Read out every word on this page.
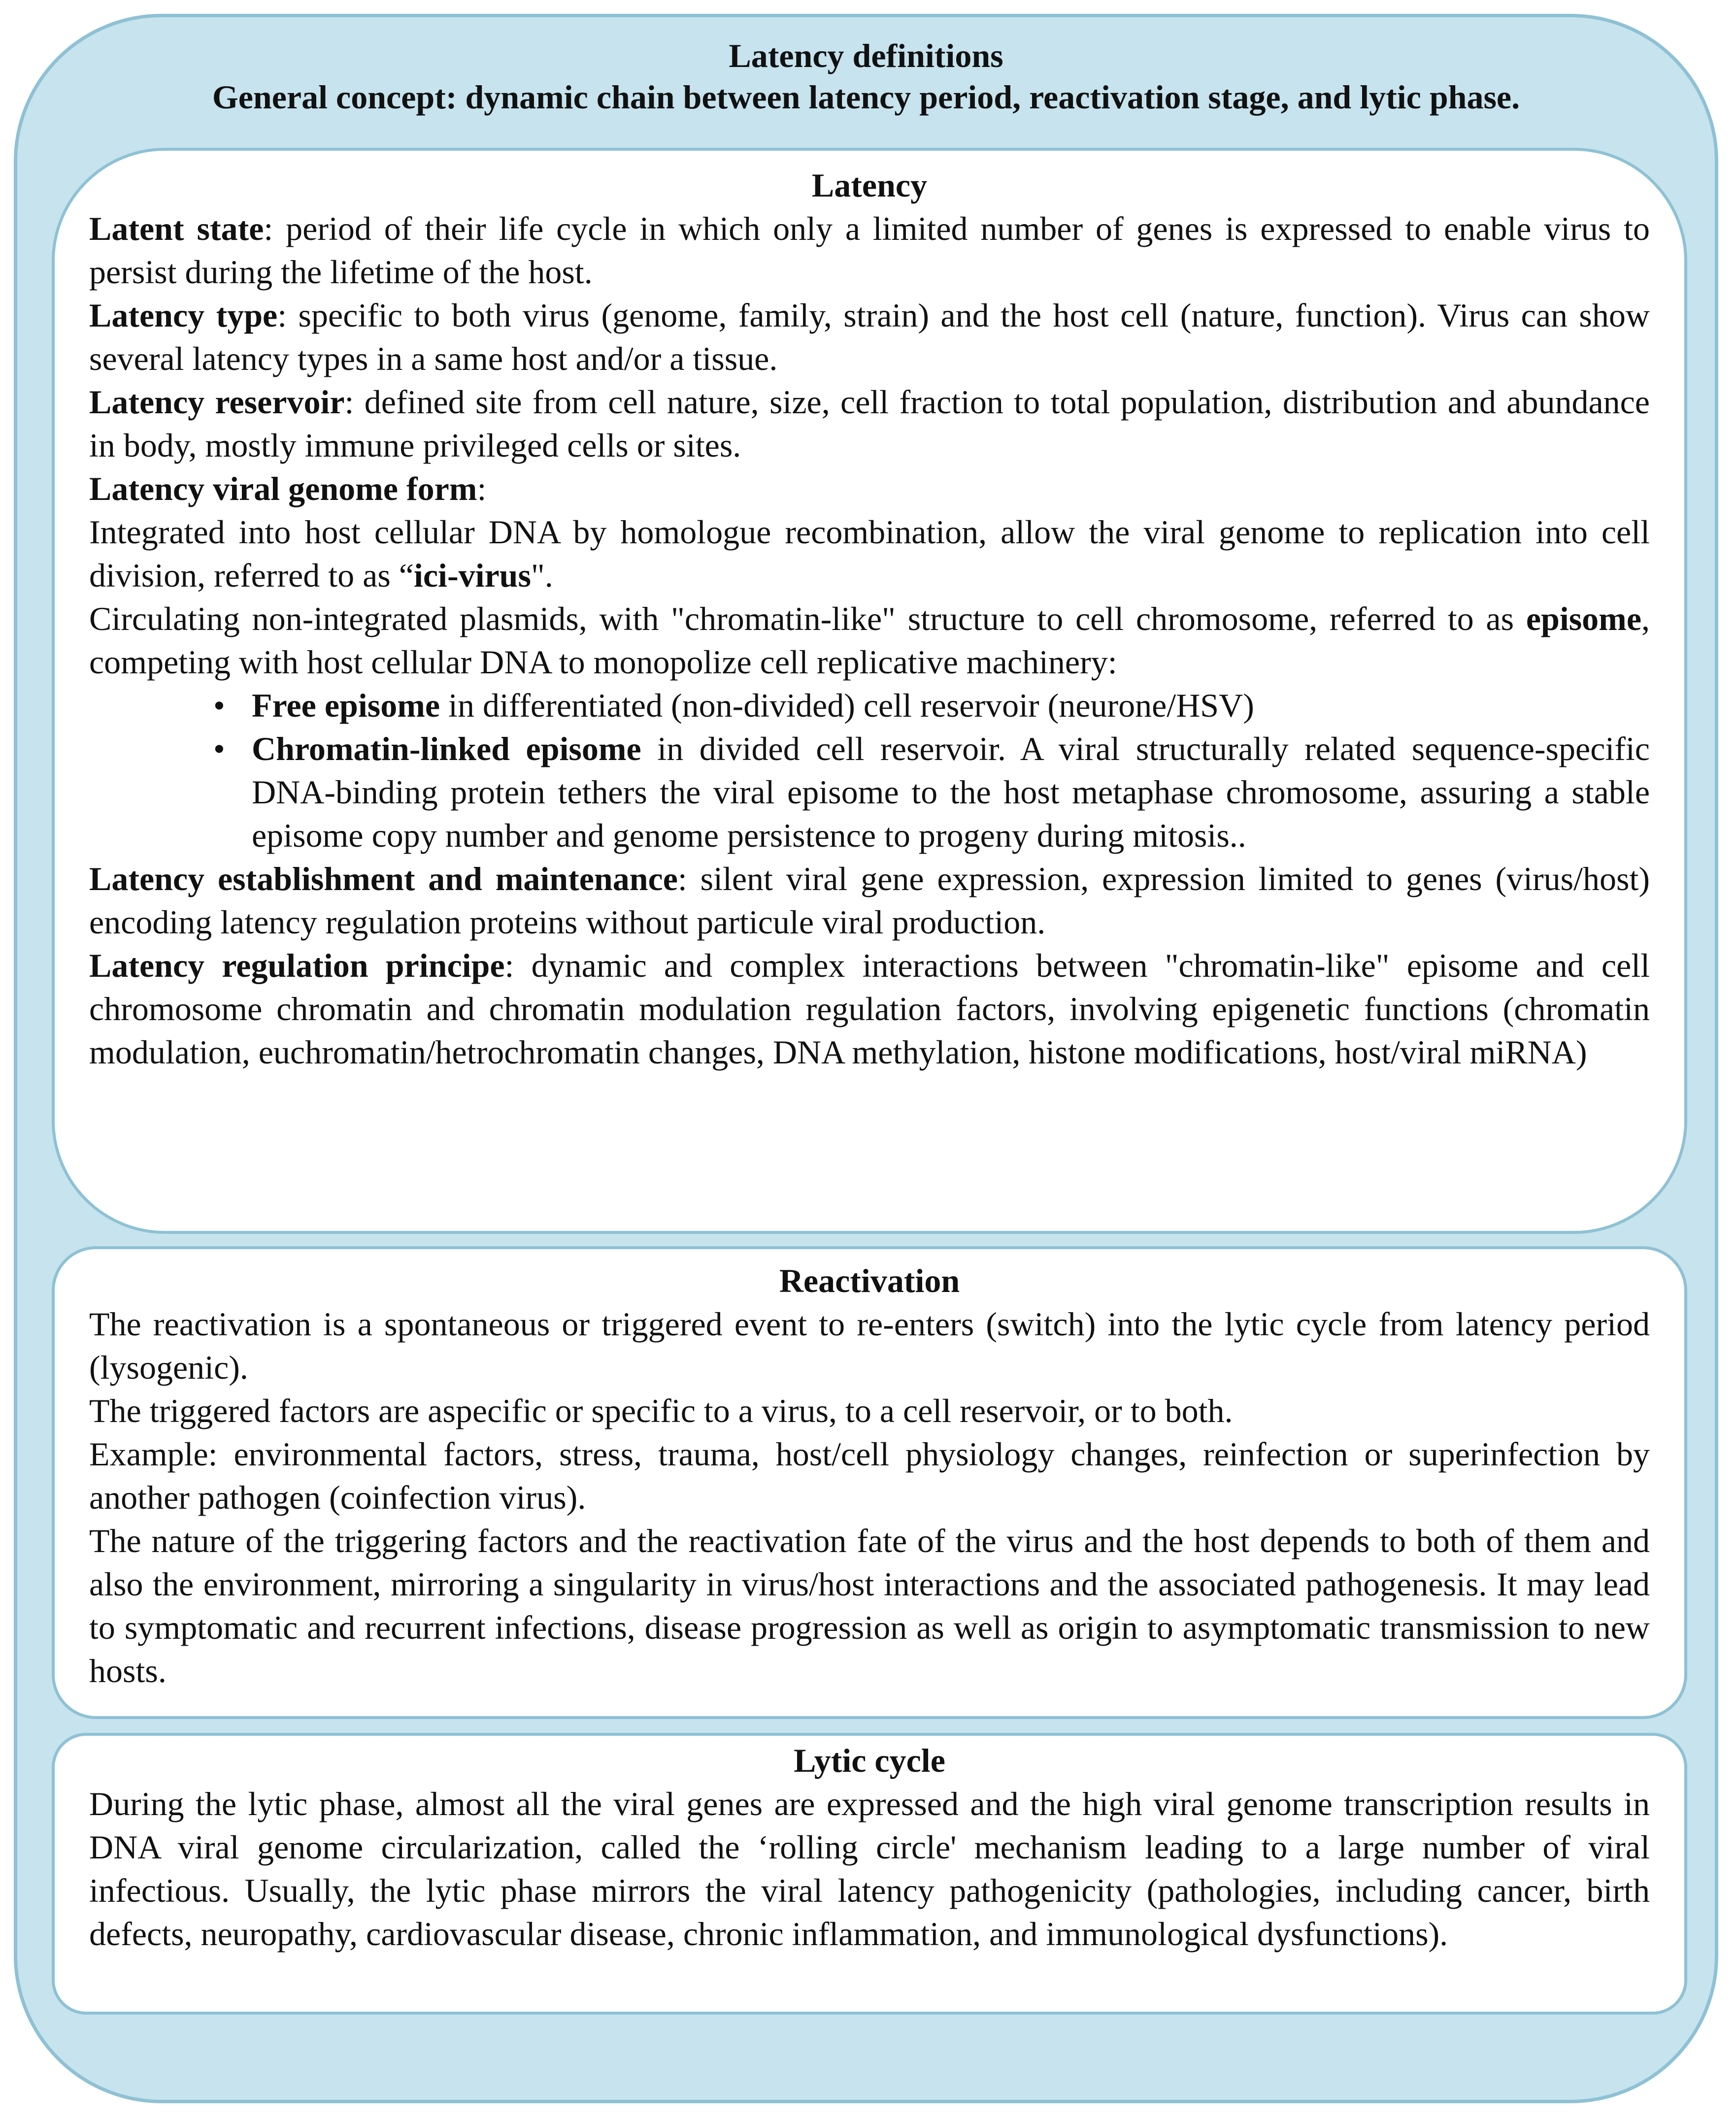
Latency definitions
General concept: dynamic chain between latency period, reactivation stage, and lytic phase.
Latency

Latent state: period of their life cycle in which only a limited number of genes is expressed to enable virus to persist during the lifetime of the host.

Latency type: specific to both virus (genome, family, strain) and the host cell (nature, function). Virus can show several latency types in a same host and/or a tissue.

Latency reservoir: defined site from cell nature, size, cell fraction to total population, distribution and abundance in body, mostly immune privileged cells or sites.

Latency viral genome form:

Integrated into host cellular DNA by homologue recombination, allow the viral genome to replication into cell division, referred to as “ici-virus".

Circulating non-integrated plasmids, with "chromatin-like" structure to cell chromosome, referred to as episome, competing with host cellular DNA to monopolize cell replicative machinery:

• Free episome in differentiated (non-divided) cell reservoir (neurone/HSV)
• Chromatin-linked episome in divided cell reservoir. A viral structurally related sequence-specific DNA-binding protein tethers the viral episome to the host metaphase chromosome, assuring a stable episome copy number and genome persistence to progeny during mitosis..

Latency establishment and maintenance: silent viral gene expression, expression limited to genes (virus/host) encoding latency regulation proteins without particule viral production.

Latency regulation principe: dynamic and complex interactions between "chromatin-like" episome and cell chromosome chromatin and chromatin modulation regulation factors, involving epigenetic functions (chromatin modulation, euchromatin/hetrochromatin changes, DNA methylation, histone modifications, host/viral miRNA)

Reactivation

The reactivation is a spontaneous or triggered event to re-enters (switch) into the lytic cycle from latency period (lysogenic).

The triggered factors are aspecific or specific to a virus, to a cell reservoir, or to both.

Example: environmental factors, stress, trauma, host/cell physiology changes, reinfection or superinfection by another pathogen (coinfection virus).

The nature of the triggering factors and the reactivation fate of the virus and the host depends to both of them and also the environment, mirroring a singularity in virus/host interactions and the associated pathogenesis. It may lead to symptomatic and recurrent infections, disease progression as well as origin to asymptomatic transmission to new hosts.

Lytic cycle

During the lytic phase, almost all the viral genes are expressed and the high viral genome transcription results in DNA viral genome circularization, called the ‘rolling circle' mechanism leading to a large number of viral infectious. Usually, the lytic phase mirrors the viral latency pathogenicity (pathologies, including cancer, birth defects, neuropathy, cardiovascular disease, chronic inflammation, and immunological dysfunctions).
